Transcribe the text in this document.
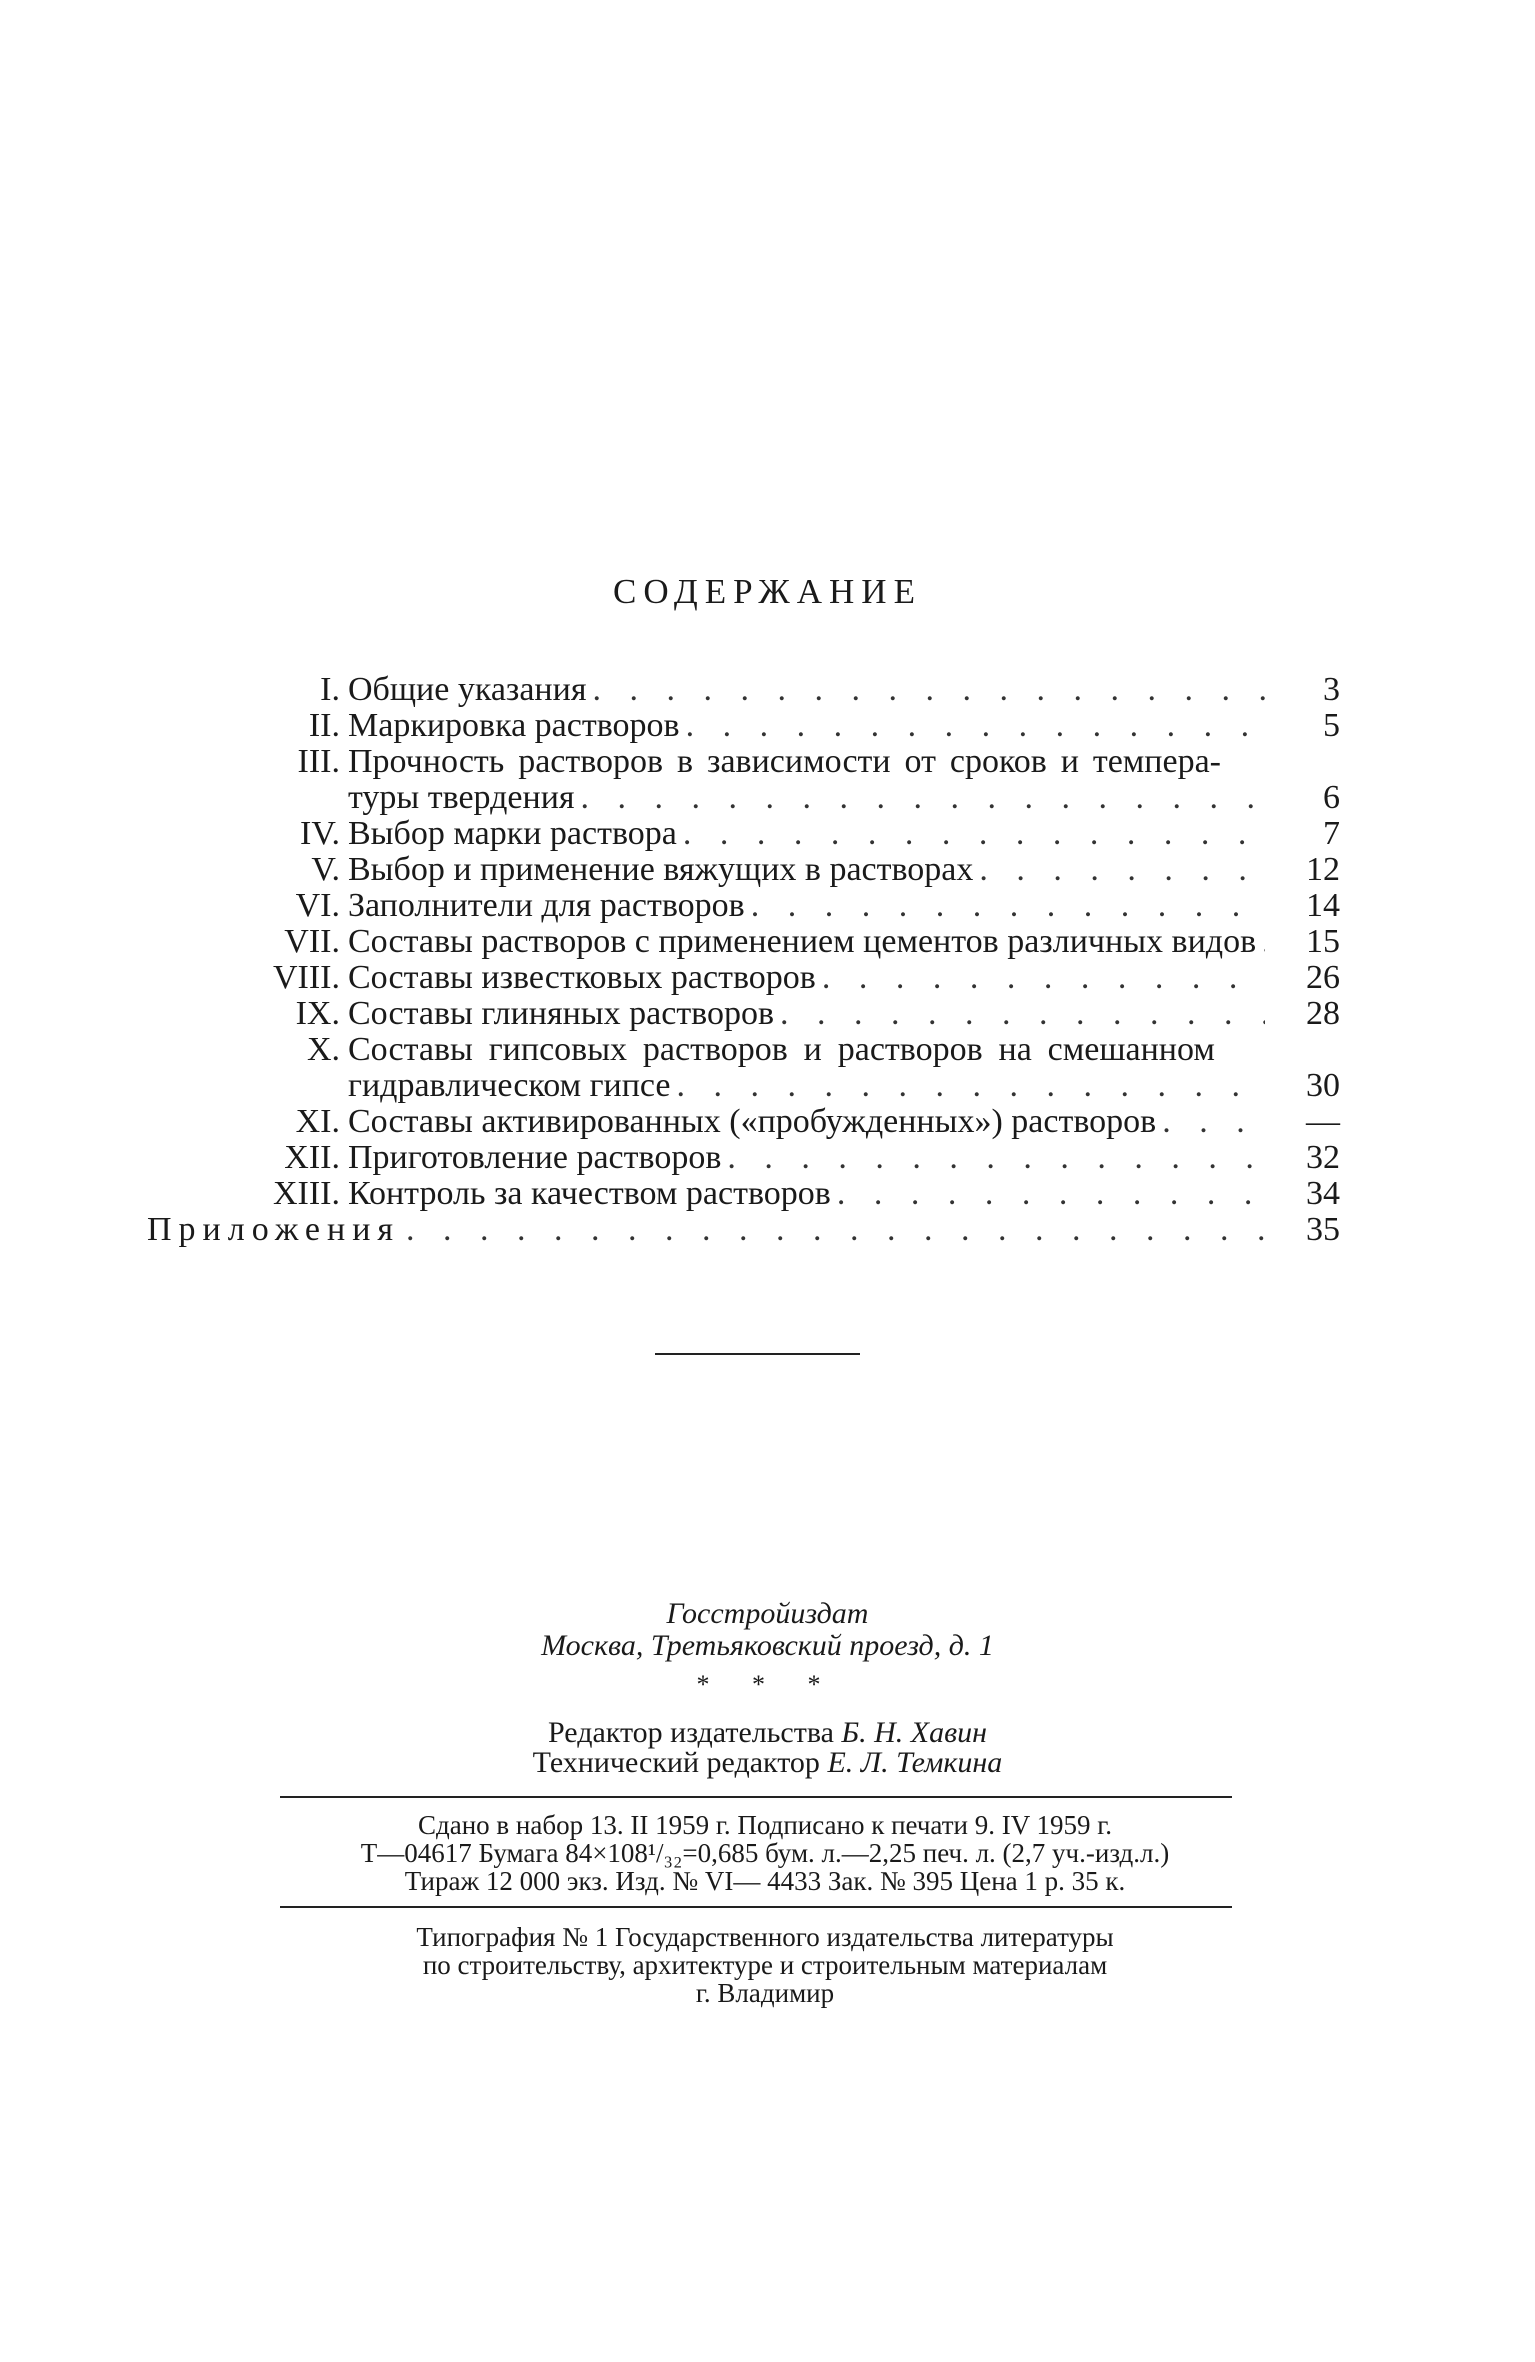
СОДЕРЖАНИЕ
I. Общие указания . . .	3
II. Маркировка растворов . . .	5
III. Прочность растворов в зависимости от сроков и темпера-
туры твердения . . .	6
IV. Выбор марки раствора . . .	7
V. Выбор и применение вяжущих в растворах . . .	12
VI. Заполнители для растворов . . .	14
VII. Составы растворов с применением цементов различных видов . . .	15
VIII. Составы известковых растворов . . .	26
IX. Составы глиняных растворов . . .	28
X. Составы гипсовых растворов и растворов на смешанном
гидравлическом гипсе . . .	30
XI. Составы активированных («пробужденных») растворов . . .	—
XII. Приготовление растворов . . .	32
XIII. Контроль за качеством растворов . . .	34
Приложения . . .	35
Госстройиздат
Москва, Третьяковский проезд, д. 1
* * *
Редактор издательства Б. Н. Хавин
Технический редактор Е. Л. Темкина
Сдано в набор 13. II 1959 г. Подписано к печати 9. IV 1959 г.
Т—04617 Бумага 84×108¹/₃₂=0,685 бум. л.—2,25 печ. л. (2,7 уч.-изд.л.)
Тираж 12 000 экз. Изд. № VI— 4433 Зак. № 395 Цена 1 р. 35 к.
Типография № 1 Государственного издательства литературы
по строительству, архитектуре и строительным материалам
г. Владимир
